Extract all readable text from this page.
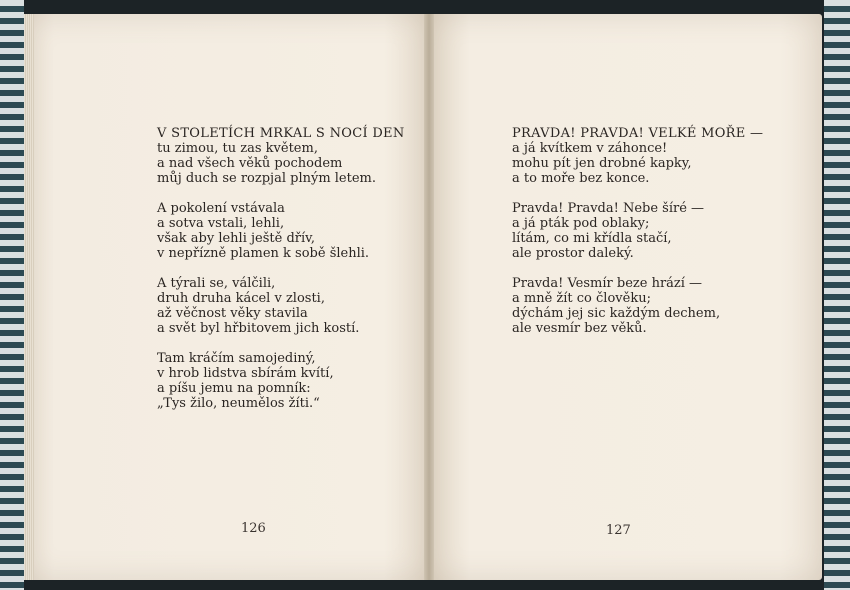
V STOLETÍCH MRKAL S NOCÍ DEN
tu zimou, tu zas květem,
a nad všech věků pochodem
můj duch se rozpjal plným letem.
A pokolení vstávala
a sotva vstali, lehli,
však aby lehli ještě dřív,
v nepřízně plamen k sobě šlehli.
A týrali se, válčili,
druh druha kácel v zlosti,
až věčnost věky stavila
a svět byl hřbitovem jich kostí.
Tam kráčím samojediný,
v hrob lidstva sbírám kvítí,
a píšu jemu na pomník:
„Tys žilo, neumělos žíti.“
126
PRAVDA! PRAVDA! VELKÉ MOŘE —
a já kvítkem v záhonce!
mohu pít jen drobné kapky,
a to moře bez konce.
Pravda! Pravda! Nebe šíré —
a já pták pod oblaky;
lítám, co mi křídla stačí,
ale prostor daleký.
Pravda! Vesmír beze hrází —
a mně žít co člověku;
dýchám jej sic každým dechem,
ale vesmír bez věků.
127
